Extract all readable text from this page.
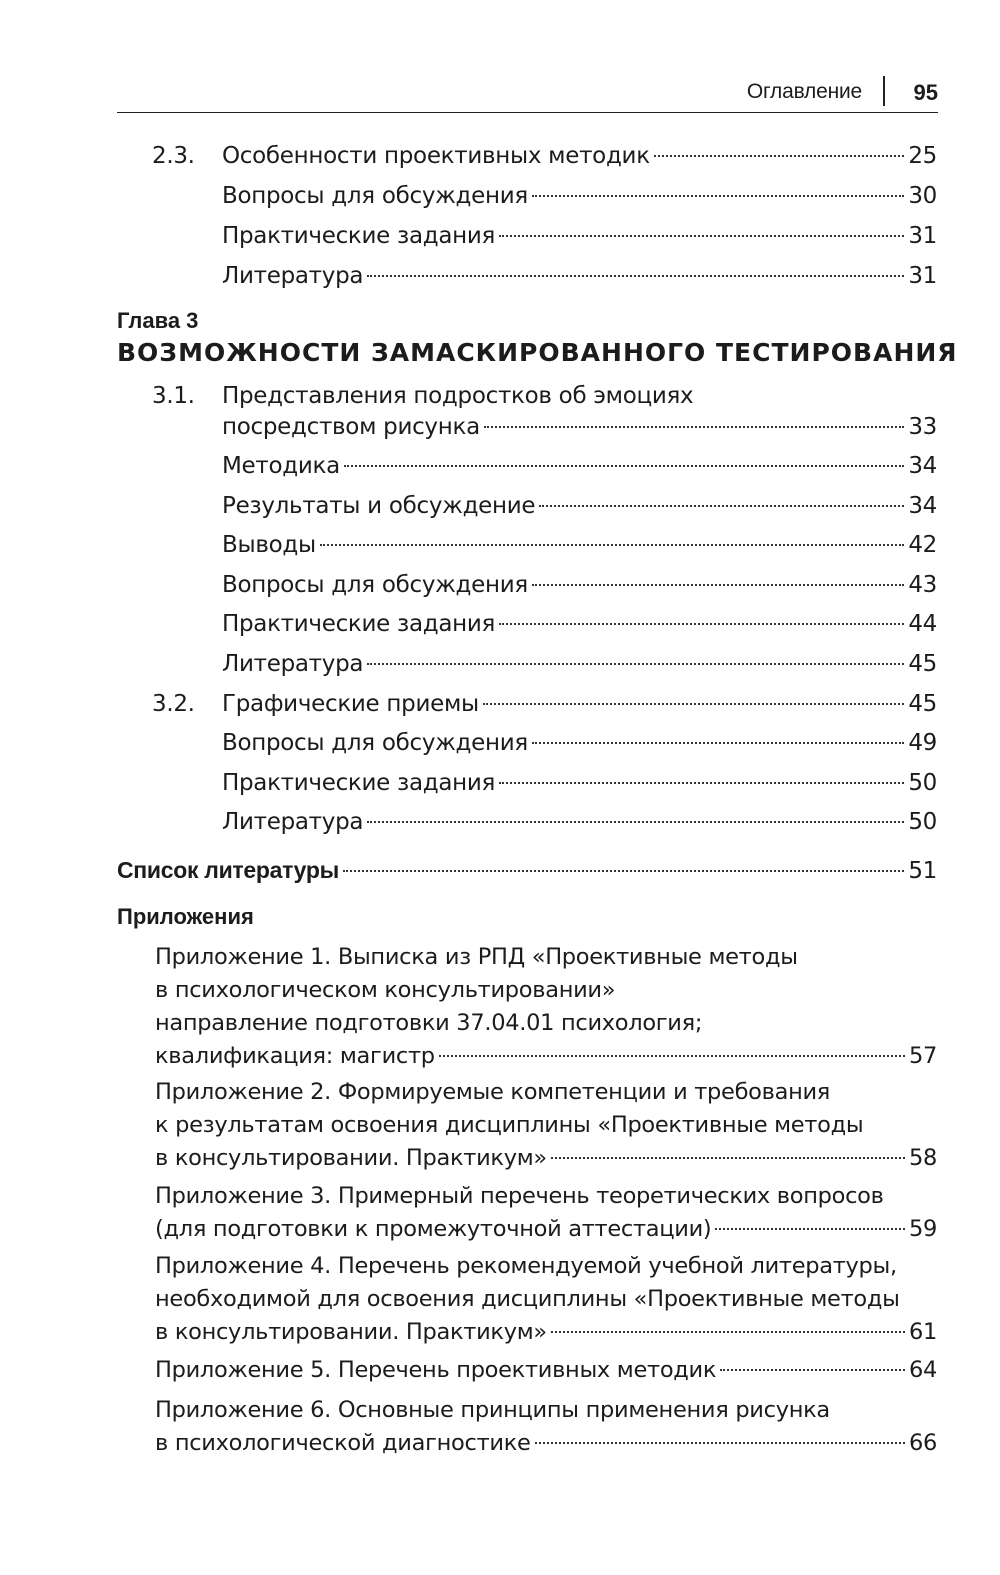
Оглавление 95
2.3. Особенности проективных методик	25
Вопросы для обсуждения	30
Практические задания	31
Литература	31
Глава 3
ВОЗМОЖНОСТИ ЗАМАСКИРОВАННОГО ТЕСТИРОВАНИЯ
3.1. Представления подростков об эмоциях
посредством рисунка	33
Методика	34
Результаты и обсуждение	34
Выводы	42
Вопросы для обсуждения	43
Практические задания	44
Литература	45
3.2. Графические приемы	45
Вопросы для обсуждения	49
Практические задания	50
Литература	50
Список литературы	51
Приложения
Приложение 1. Выписка из РПД «Проективные методы
в психологическом консультировании»
направление подготовки 37.04.01 психология;
квалификация: магистр	57
Приложение 2. Формируемые компетенции и требования
к результатам освоения дисциплины «Проективные методы
в консультировании. Практикум»	58
Приложение 3. Примерный перечень теоретических вопросов
(для подготовки к промежуточной аттестации)	59
Приложение 4. Перечень рекомендуемой учебной литературы,
необходимой для освоения дисциплины «Проективные методы
в консультировании. Практикум»	61
Приложение 5. Перечень проективных методик	64
Приложение 6. Основные принципы применения рисунка
в психологической диагностике	66
